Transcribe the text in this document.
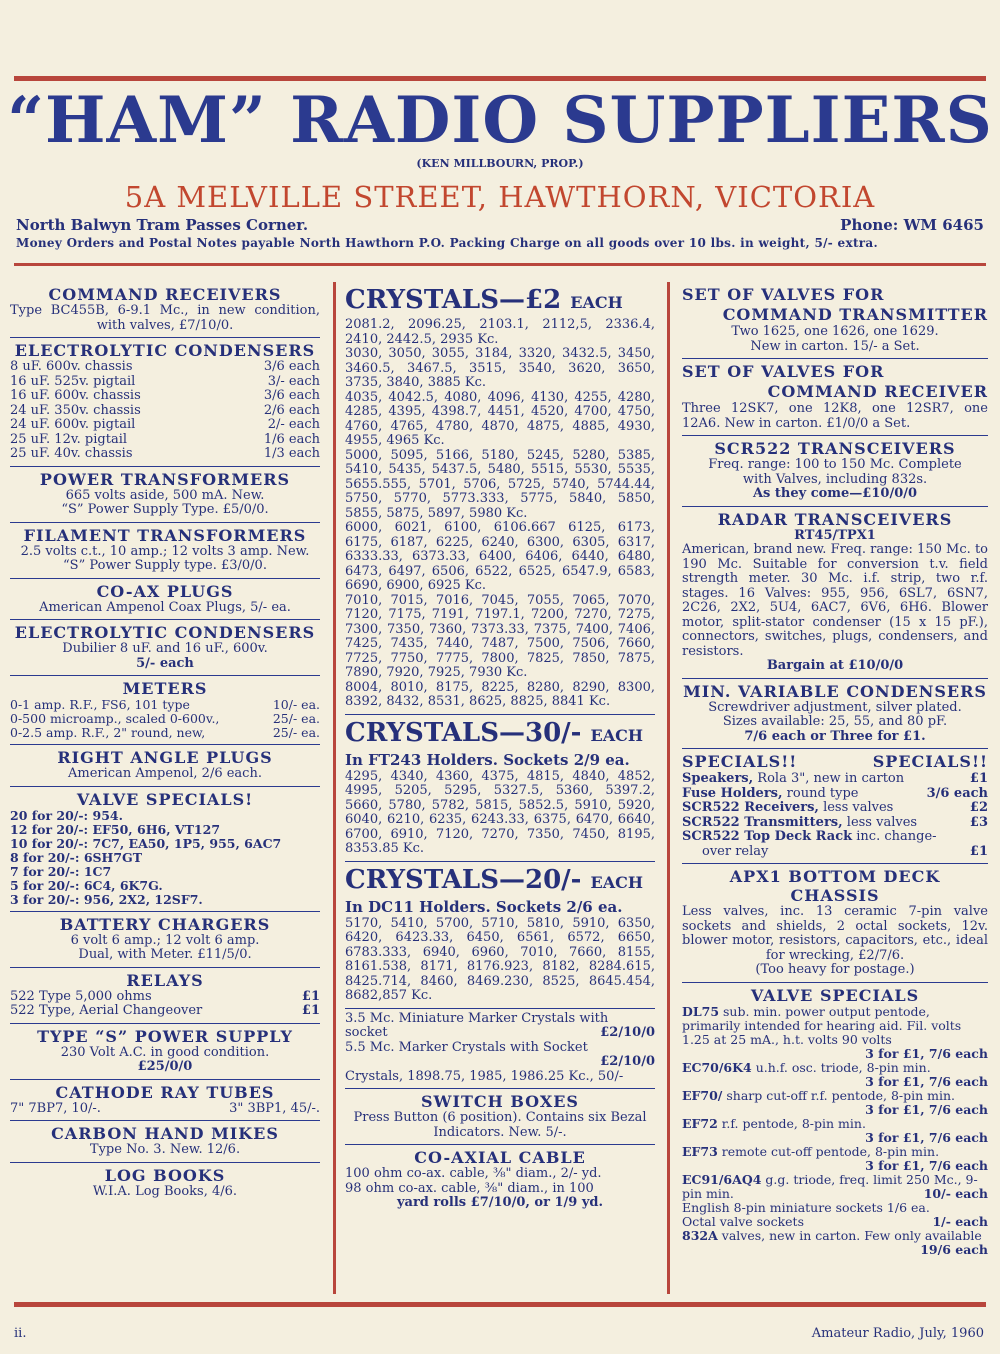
“HAM” RADIO SUPPLIERS
(KEN MILLBOURN, PROP.)
5A MELVILLE STREET, HAWTHORN, VICTORIA
North Balwyn Tram Passes Corner.	Phone: WM 6465
Money Orders and Postal Notes payable North Hawthorn P.O. Packing Charge on all goods over 10 lbs. in weight, 5/- extra.
COMMAND RECEIVERS
Type BC455B, 6-9.1 Mc., in new condition, with valves, £7/10/0.
ELECTROLYTIC CONDENSERS
8 uF. 600v. chassis	3/6 each
16 uF. 525v. pigtail	3/- each
16 uF. 600v. chassis	3/6 each
24 uF. 350v. chassis	2/6 each
24 uF. 600v. pigtail	2/- each
25 uF. 12v. pigtail	1/6 each
25 uF. 40v. chassis	1/3 each
POWER TRANSFORMERS
665 volts aside, 500 mA. New.
“S” Power Supply Type. £5/0/0.
FILAMENT TRANSFORMERS
2.5 volts c.t., 10 amp.; 12 volts 3 amp. New. “S” Power Supply type. £3/0/0.
CO-AX PLUGS
American Ampenol Coax Plugs, 5/- ea.
ELECTROLYTIC CONDENSERS
Dubilier 8 uF. and 16 uF., 600v.
5/- each
METERS
0-1 amp. R.F., FS6, 101 type	10/- ea.
0-500 microamp., scaled 0-600v.,	25/- ea.
0-2.5 amp. R.F., 2" round, new,	25/- ea.
RIGHT ANGLE PLUGS
American Ampenol, 2/6 each.
VALVE SPECIALS!
20 for 20/-: 954.
12 for 20/-: EF50, 6H6, VT127
10 for 20/-: 7C7, EA50, 1P5, 955, 6AC7
8 for 20/-: 6SH7GT
7 for 20/-: 1C7
5 for 20/-: 6C4, 6K7G.
3 for 20/-: 956, 2X2, 12SF7.
BATTERY CHARGERS
6 volt 6 amp.; 12 volt 6 amp.
Dual, with Meter. £11/5/0.
RELAYS
522 Type 5,000 ohms	£1
522 Type, Aerial Changeover	£1
TYPE “S” POWER SUPPLY
230 Volt A.C. in good condition.
£25/0/0
CATHODE RAY TUBES
7" 7BP7, 10/-.	3" 3BP1, 45/-.
CARBON HAND MIKES
Type No. 3. New. 12/6.
LOG BOOKS
W.I.A. Log Books, 4/6.
CRYSTALS—£2 EACH
2081.2, 2096.25, 2103.1, 2112,5, 2336.4, 2410, 2442.5, 2935 Kc.
3030, 3050, 3055, 3184, 3320, 3432.5, 3450, 3460.5, 3467.5, 3515, 3540, 3620, 3650, 3735, 3840, 3885 Kc.
4035, 4042.5, 4080, 4096, 4130, 4255, 4280, 4285, 4395, 4398.7, 4451, 4520, 4700, 4750, 4760, 4765, 4780, 4870, 4875, 4885, 4930, 4955, 4965 Kc.
5000, 5095, 5166, 5180, 5245, 5280, 5385, 5410, 5435, 5437.5, 5480, 5515, 5530, 5535, 5655.555, 5701, 5706, 5725, 5740, 5744.44, 5750, 5770, 5773.333, 5775, 5840, 5850, 5855, 5875, 5897, 5980 Kc.
6000, 6021, 6100, 6106.667 6125, 6173, 6175, 6187, 6225, 6240, 6300, 6305, 6317, 6333.33, 6373.33, 6400, 6406, 6440, 6480, 6473, 6497, 6506, 6522, 6525, 6547.9, 6583, 6690, 6900, 6925 Kc.
7010, 7015, 7016, 7045, 7055, 7065, 7070, 7120, 7175, 7191, 7197.1, 7200, 7270, 7275, 7300, 7350, 7360, 7373.33, 7375, 7400, 7406, 7425, 7435, 7440, 7487, 7500, 7506, 7660, 7725, 7750, 7775, 7800, 7825, 7850, 7875, 7890, 7920, 7925, 7930 Kc.
8004, 8010, 8175, 8225, 8280, 8290, 8300, 8392, 8432, 8531, 8625, 8825, 8841 Kc.
CRYSTALS—30/- EACH
In FT243 Holders. Sockets 2/9 ea.
4295, 4340, 4360, 4375, 4815, 4840, 4852, 4995, 5205, 5295, 5327.5, 5360, 5397.2, 5660, 5780, 5782, 5815, 5852.5, 5910, 5920, 6040, 6210, 6235, 6243.33, 6375, 6470, 6640, 6700, 6910, 7120, 7270, 7350, 7450, 8195, 8353.85 Kc.
CRYSTALS—20/- EACH
In DC11 Holders. Sockets 2/6 ea.
5170, 5410, 5700, 5710, 5810, 5910, 6350, 6420, 6423.33, 6450, 6561, 6572, 6650, 6783.333, 6940, 6960, 7010, 7660, 8155, 8161.538, 8171, 8176.923, 8182, 8284.615, 8425.714, 8460, 8469.230, 8525, 8645.454, 8682,857 Kc.
3.5 Mc. Miniature Marker Crystals with
socket	£2/10/0
5.5 Mc. Marker Crystals with Socket
£2/10/0
Crystals, 1898.75, 1985, 1986.25 Kc., 50/-
SWITCH BOXES
Press Button (6 position). Contains six Bezal Indicators. New. 5/-.
CO-AXIAL CABLE
100 ohm co-ax. cable, ⅜" diam., 2/- yd.
98 ohm co-ax. cable, ⅜" diam., in 100
yard rolls £7/10/0, or 1/9 yd.
SET OF VALVES FOR
COMMAND TRANSMITTER
Two 1625, one 1626, one 1629.
New in carton. 15/- a Set.
SET OF VALVES FOR
COMMAND RECEIVER
Three 12SK7, one 12K8, one 12SR7, one 12A6. New in carton. £1/0/0 a Set.
SCR522 TRANSCEIVERS
Freq. range: 100 to 150 Mc. Complete
with Valves, including 832s.
As they come—£10/0/0
RADAR TRANSCEIVERS
RT45/TPX1
American, brand new. Freq. range: 150 Mc. to 190 Mc. Suitable for conversion t.v. field strength meter. 30 Mc. i.f. strip, two r.f. stages. 16 Valves: 955, 956, 6SL7, 6SN7, 2C26, 2X2, 5U4, 6AC7, 6V6, 6H6. Blower motor, split-stator condenser (15 x 15 pF.), connectors, switches, plugs, condensers, and resistors.
Bargain at £10/0/0
MIN. VARIABLE CONDENSERS
Screwdriver adjustment, silver plated.
Sizes available: 25, 55, and 80 pF.
7/6 each or Three for £1.
SPECIALS!!	SPECIALS!!
Speakers, Rola 3", new in carton	£1
Fuse Holders, round type	3/6 each
SCR522 Receivers, less valves	£2
SCR522 Transmitters, less valves	£3
SCR522 Top Deck Rack inc. change-
over relay	£1
APX1 BOTTOM DECK CHASSIS
Less valves, inc. 13 ceramic 7-pin valve sockets and shields, 2 octal sockets, 12v. blower motor, resistors, capacitors, etc., ideal for wrecking, £2/7/6.
(Too heavy for postage.)
VALVE SPECIALS
DL75 sub. min. power output pentode, primarily intended for hearing aid. Fil. volts 1.25 at 25 mA., h.t. volts 90 volts
3 for £1, 7/6 each
EC70/6K4 u.h.f. osc. triode, 8-pin min.
3 for £1, 7/6 each
EF70/ sharp cut-off r.f. pentode, 8-pin min.
3 for £1, 7/6 each
EF72 r.f. pentode, 8-pin min.
3 for £1, 7/6 each
EF73 remote cut-off pentode, 8-pin min.
3 for £1, 7/6 each
EC91/6AQ4 g.g. triode, freq. limit 250 Mc., 9-pin min.	10/- each
English 8-pin miniature sockets 1/6 ea.
Octal valve sockets	1/- each
832A valves, new in carton. Few only available
19/6 each
ii.	Amateur Radio, July, 1960
